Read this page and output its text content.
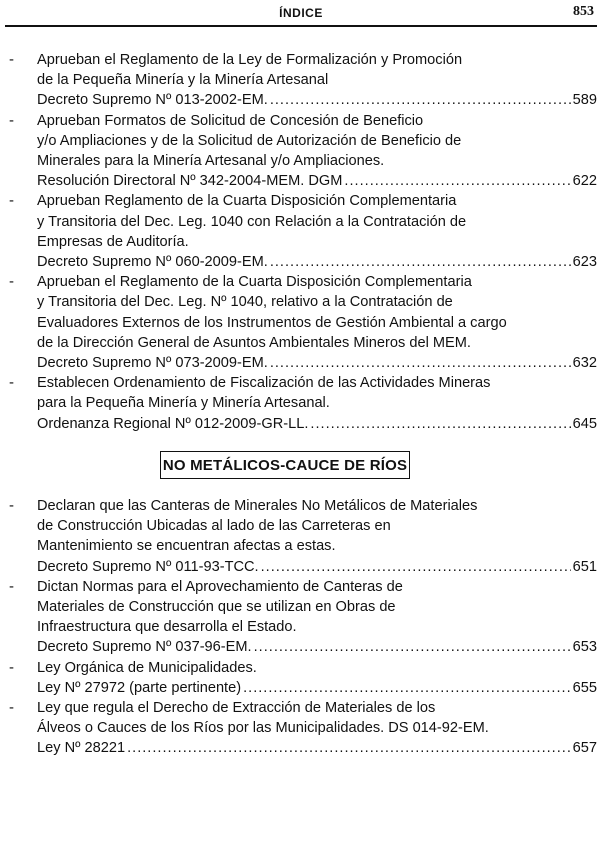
ÍNDICE	853
- Aprueban el Reglamento de la Ley de Formalización y Promoción
de la Pequeña Minería y la Minería Artesanal
Decreto Supremo Nº 013-2002-EM. .....	589
- Aprueban Formatos de Solicitud de Concesión de Beneficio
y/o Ampliaciones y de la Solicitud de Autorización de Beneficio de
Minerales para la Minería Artesanal y/o Ampliaciones.
Resolución Directoral Nº 342-2004-MEM. DGM .....	622
- Aprueban Reglamento de la Cuarta Disposición Complementaria
y Transitoria del Dec. Leg. 1040 con Relación a la Contratación de
Empresas de Auditoría.
Decreto Supremo Nº 060-2009-EM. .....	623
- Aprueban el Reglamento de la Cuarta Disposición Complementaria
y Transitoria del Dec. Leg. Nº 1040, relativo a la Contratación de
Evaluadores Externos de los Instrumentos de Gestión Ambiental a cargo
de la Dirección General de Asuntos Ambientales Mineros del MEM.
Decreto Supremo Nº 073-2009-EM. .....	632
- Establecen Ordenamiento de Fiscalización de las Actividades Mineras
para la Pequeña Minería y Minería Artesanal.
Ordenanza Regional Nº 012-2009-GR-LL. .....	645
NO METÁLICOS-CAUCE DE RÍOS
- Declaran que las Canteras de Minerales No Metálicos de Materiales
de Construcción Ubicadas al lado de las Carreteras en
Mantenimiento se encuentran afectas a estas.
Decreto Supremo Nº 011-93-TCC. .....	651
- Dictan Normas para el Aprovechamiento de Canteras de
Materiales de Construcción que se utilizan en Obras de
Infraestructura que desarrolla el Estado.
Decreto Supremo Nº 037-96-EM. .....	653
- Ley Orgánica de Municipalidades.
Ley Nº 27972 (parte pertinente) .....	655
- Ley que regula el Derecho de Extracción de Materiales de los
Álveos o Cauces de los Ríos por las Municipalidades. DS 014-92-EM.
Ley Nº 28221 .....	657
